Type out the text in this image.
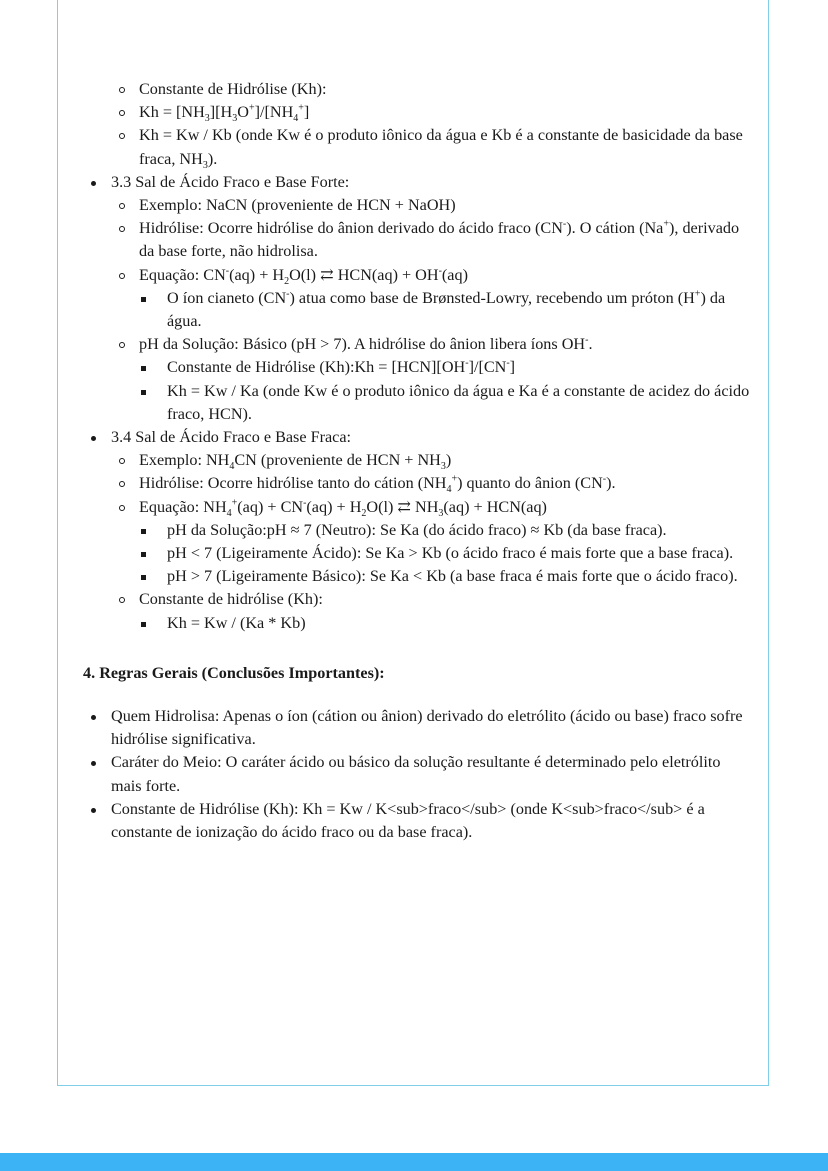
Constante de Hidrólise (Kh):
$Kh = [NH_3][H_3O^+]/[NH_4^+]$
Kh = Kw / Kb (onde Kw é o produto iônico da água e Kb é a constante de basicidade da base fraca, $NH_3$).
3.3 Sal de Ácido Fraco e Base Forte:
Exemplo: NaCN (proveniente de HCN + NaOH)
Hidrólise: Ocorre hidrólise do ânion derivado do ácido fraco (CN-). O cátion (Na+), derivado da base forte, não hidrolisa.
Equação: $CN^-(aq) + H_2O(l)$ ⇄ HCN(aq) + OH-(aq)
O íon cianeto (CN-) atua como base de Brønsted-Lowry, recebendo um próton (H+) da água.
pH da Solução: Básico (pH > 7). A hidrólise do ânion libera íons OH-.
Constante de Hidrólise (Kh):Kh = [HCN][OH-]/[CN-]
Kh = Kw / Ka (onde Kw é o produto iônico da água e Ka é a constante de acidez do ácido fraco, HCN).
3.4 Sal de Ácido Fraco e Base Fraca:
Exemplo: $NH_4CN$ (proveniente de HCN + $NH_3$)
Hidrólise: Ocorre hidrólise tanto do cátion $(NH_4^+)$ quanto do ânion (CN-).
Equação: $NH_4^+(aq) + CN^-(aq) + H_2O(l)$ ⇄ $NH_3(aq) + HCN(aq)$
pH da Solução:pH ≈ 7 (Neutro): Se Ka (do ácido fraco) ≈ Kb (da base fraca).
pH < 7 (Ligeiramente Ácido): Se Ka > Kb (o ácido fraco é mais forte que a base fraca).
pH > 7 (Ligeiramente Básico): Se Ka < Kb (a base fraca é mais forte que o ácido fraco).
Constante de hidrólise (Kh):
Kh = Kw / (Ka * Kb)
4. Regras Gerais (Conclusões Importantes):
Quem Hidrolisa: Apenas o íon (cátion ou ânion) derivado do eletrólito (ácido ou base) fraco sofre hidrólise significativa.
Caráter do Meio: O caráter ácido ou básico da solução resultante é determinado pelo eletrólito mais forte.
Constante de Hidrólise (Kh): Kh = Kw / K<sub>fraco</sub> (onde K<sub>fraco</sub> é a constante de ionização do ácido fraco ou da base fraca).
